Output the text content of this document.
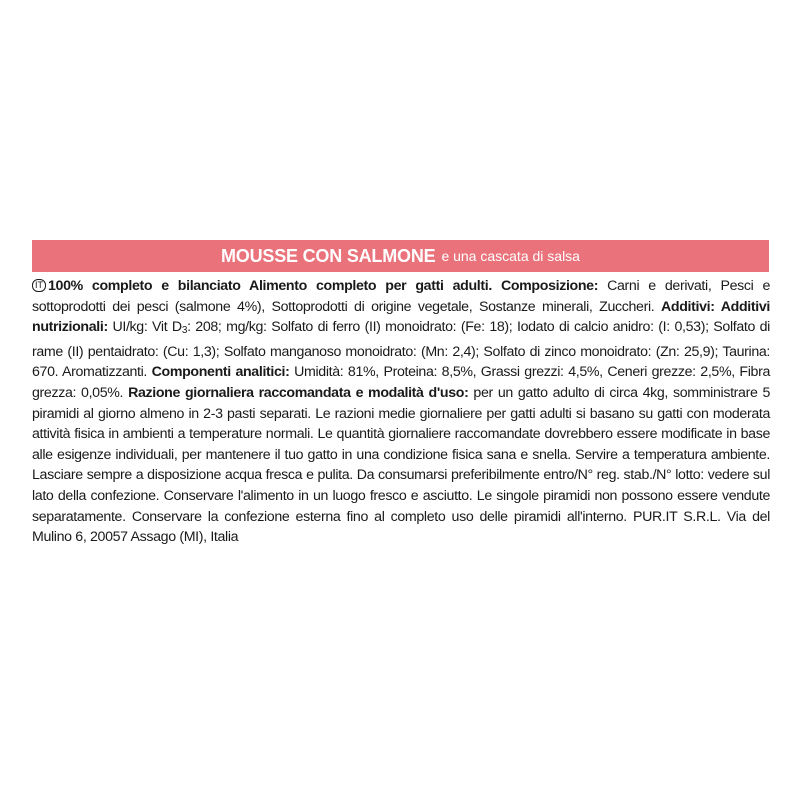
MOUSSE CON SALMONE e una cascata di salsa
IT 100% completo e bilanciato Alimento completo per gatti adulti. Composizione: Carni e derivati, Pesci e sottoprodotti dei pesci (salmone 4%), Sottoprodotti di origine vegetale, Sostanze minerali, Zuccheri. Additivi: Additivi nutrizionali: UI/kg: Vit D3: 208; mg/kg: Solfato di ferro (II) monoidrato: (Fe: 18); Iodato di calcio anidro: (I: 0,53); Solfato di rame (II) pentaidrato: (Cu: 1,3); Solfato manganoso monoidrato: (Mn: 2,4); Solfato di zinco monoidrato: (Zn: 25,9); Taurina: 670. Aromatizzanti. Componenti analitici: Umidità: 81%, Proteina: 8,5%, Grassi grezzi: 4,5%, Ceneri grezze: 2,5%, Fibra grezza: 0,05%. Razione giornaliera raccomandata e modalità d'uso: per un gatto adulto di circa 4kg, somministrare 5 piramidi al giorno almeno in 2-3 pasti separati. Le razioni medie giornaliere per gatti adulti si basano su gatti con moderata attività fisica in ambienti a temperature normali. Le quantità giornaliere raccomandate dovrebbero essere modificate in base alle esigenze individuali, per mantenere il tuo gatto in una condizione fisica sana e snella. Servire a temperatura ambiente. Lasciare sempre a disposizione acqua fresca e pulita. Da consumarsi preferibilmente entro/N° reg. stab./N° lotto: vedere sul lato della confezione. Conservare l'alimento in un luogo fresco e asciutto. Le singole piramidi non possono essere vendute separatamente. Conservare la confezione esterna fino al completo uso delle piramidi all'interno. PUR.IT S.R.L. Via del Mulino 6, 20057 Assago (MI), Italia
